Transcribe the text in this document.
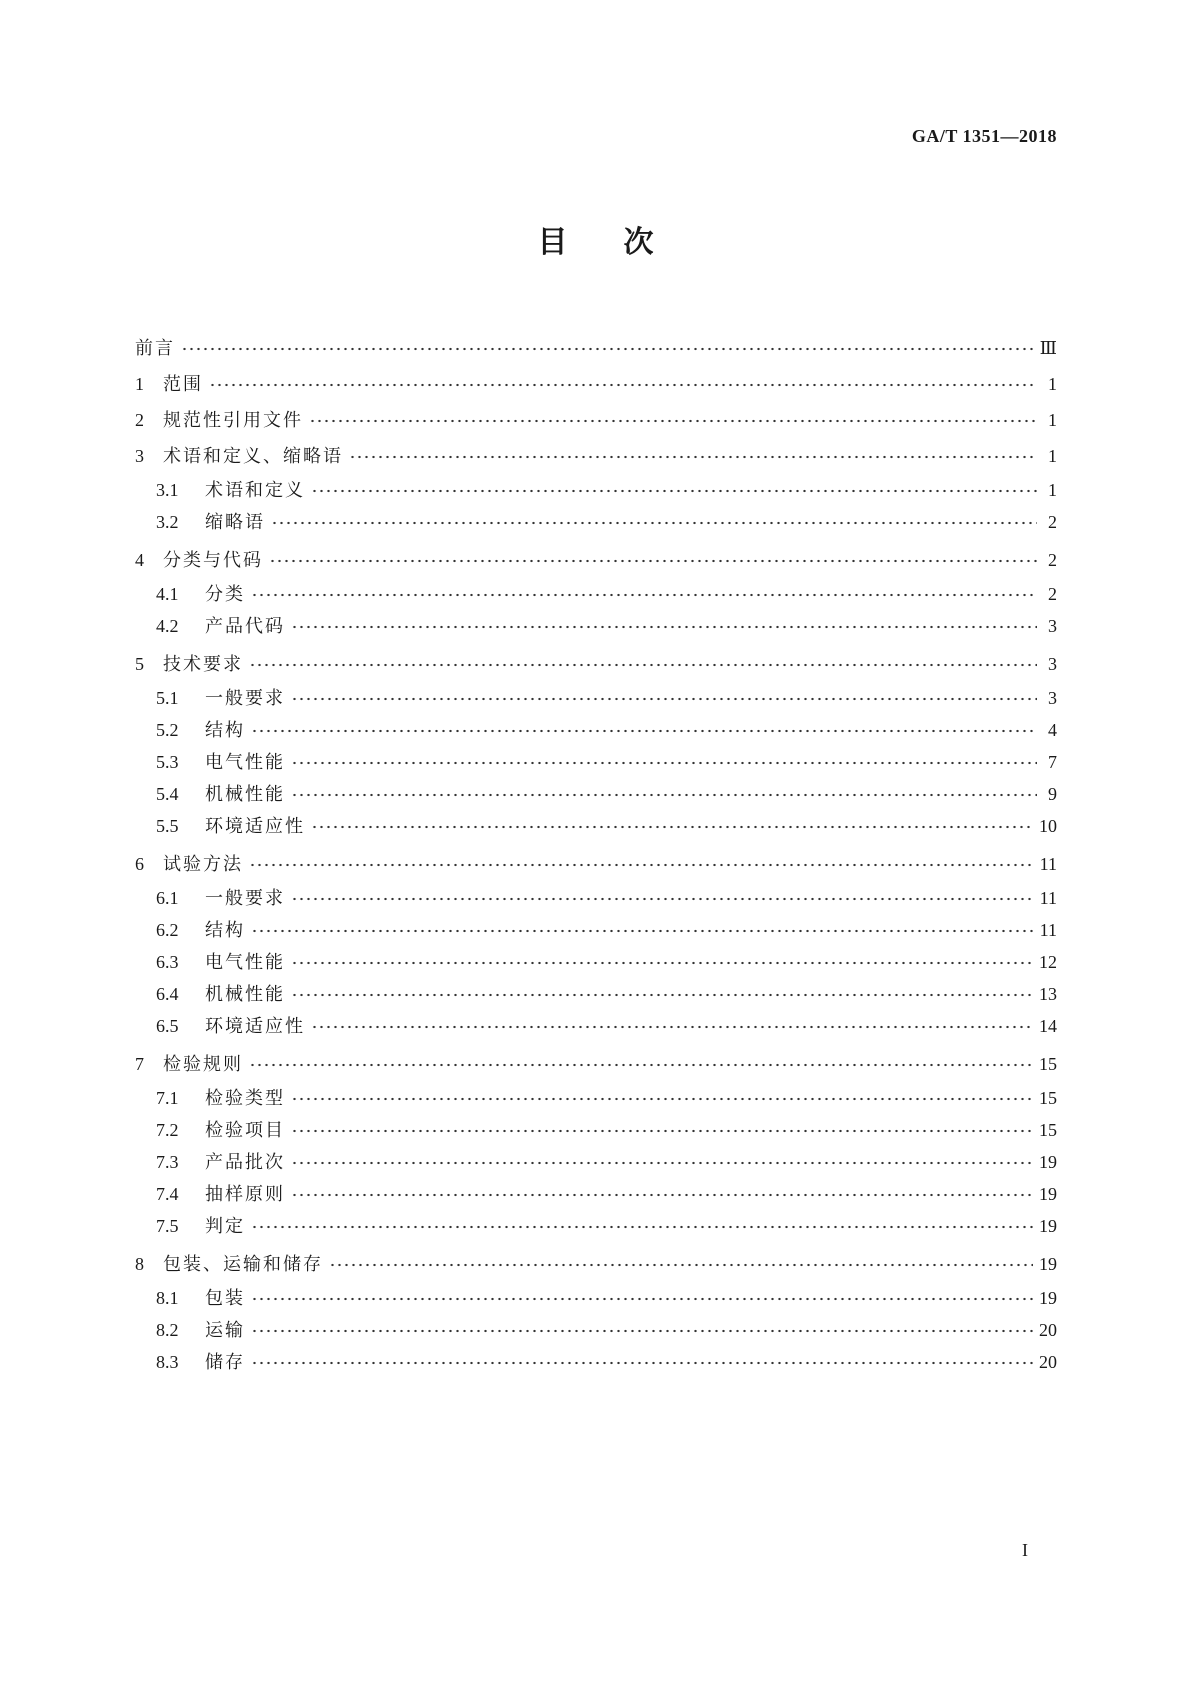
GA/T 1351—2018
目次
前言	Ⅲ
1	范围	1
2	规范性引用文件	1
3	术语和定义、缩略语	1
3.1	术语和定义	1
3.2	缩略语	2
4	分类与代码	2
4.1	分类	2
4.2	产品代码	3
5	技术要求	3
5.1	一般要求	3
5.2	结构	4
5.3	电气性能	7
5.4	机械性能	9
5.5	环境适应性	10
6	试验方法	11
6.1	一般要求	11
6.2	结构	11
6.3	电气性能	12
6.4	机械性能	13
6.5	环境适应性	14
7	检验规则	15
7.1	检验类型	15
7.2	检验项目	15
7.3	产品批次	19
7.4	抽样原则	19
7.5	判定	19
8	包装、运输和储存	19
8.1	包装	19
8.2	运输	20
8.3	储存	20
I
